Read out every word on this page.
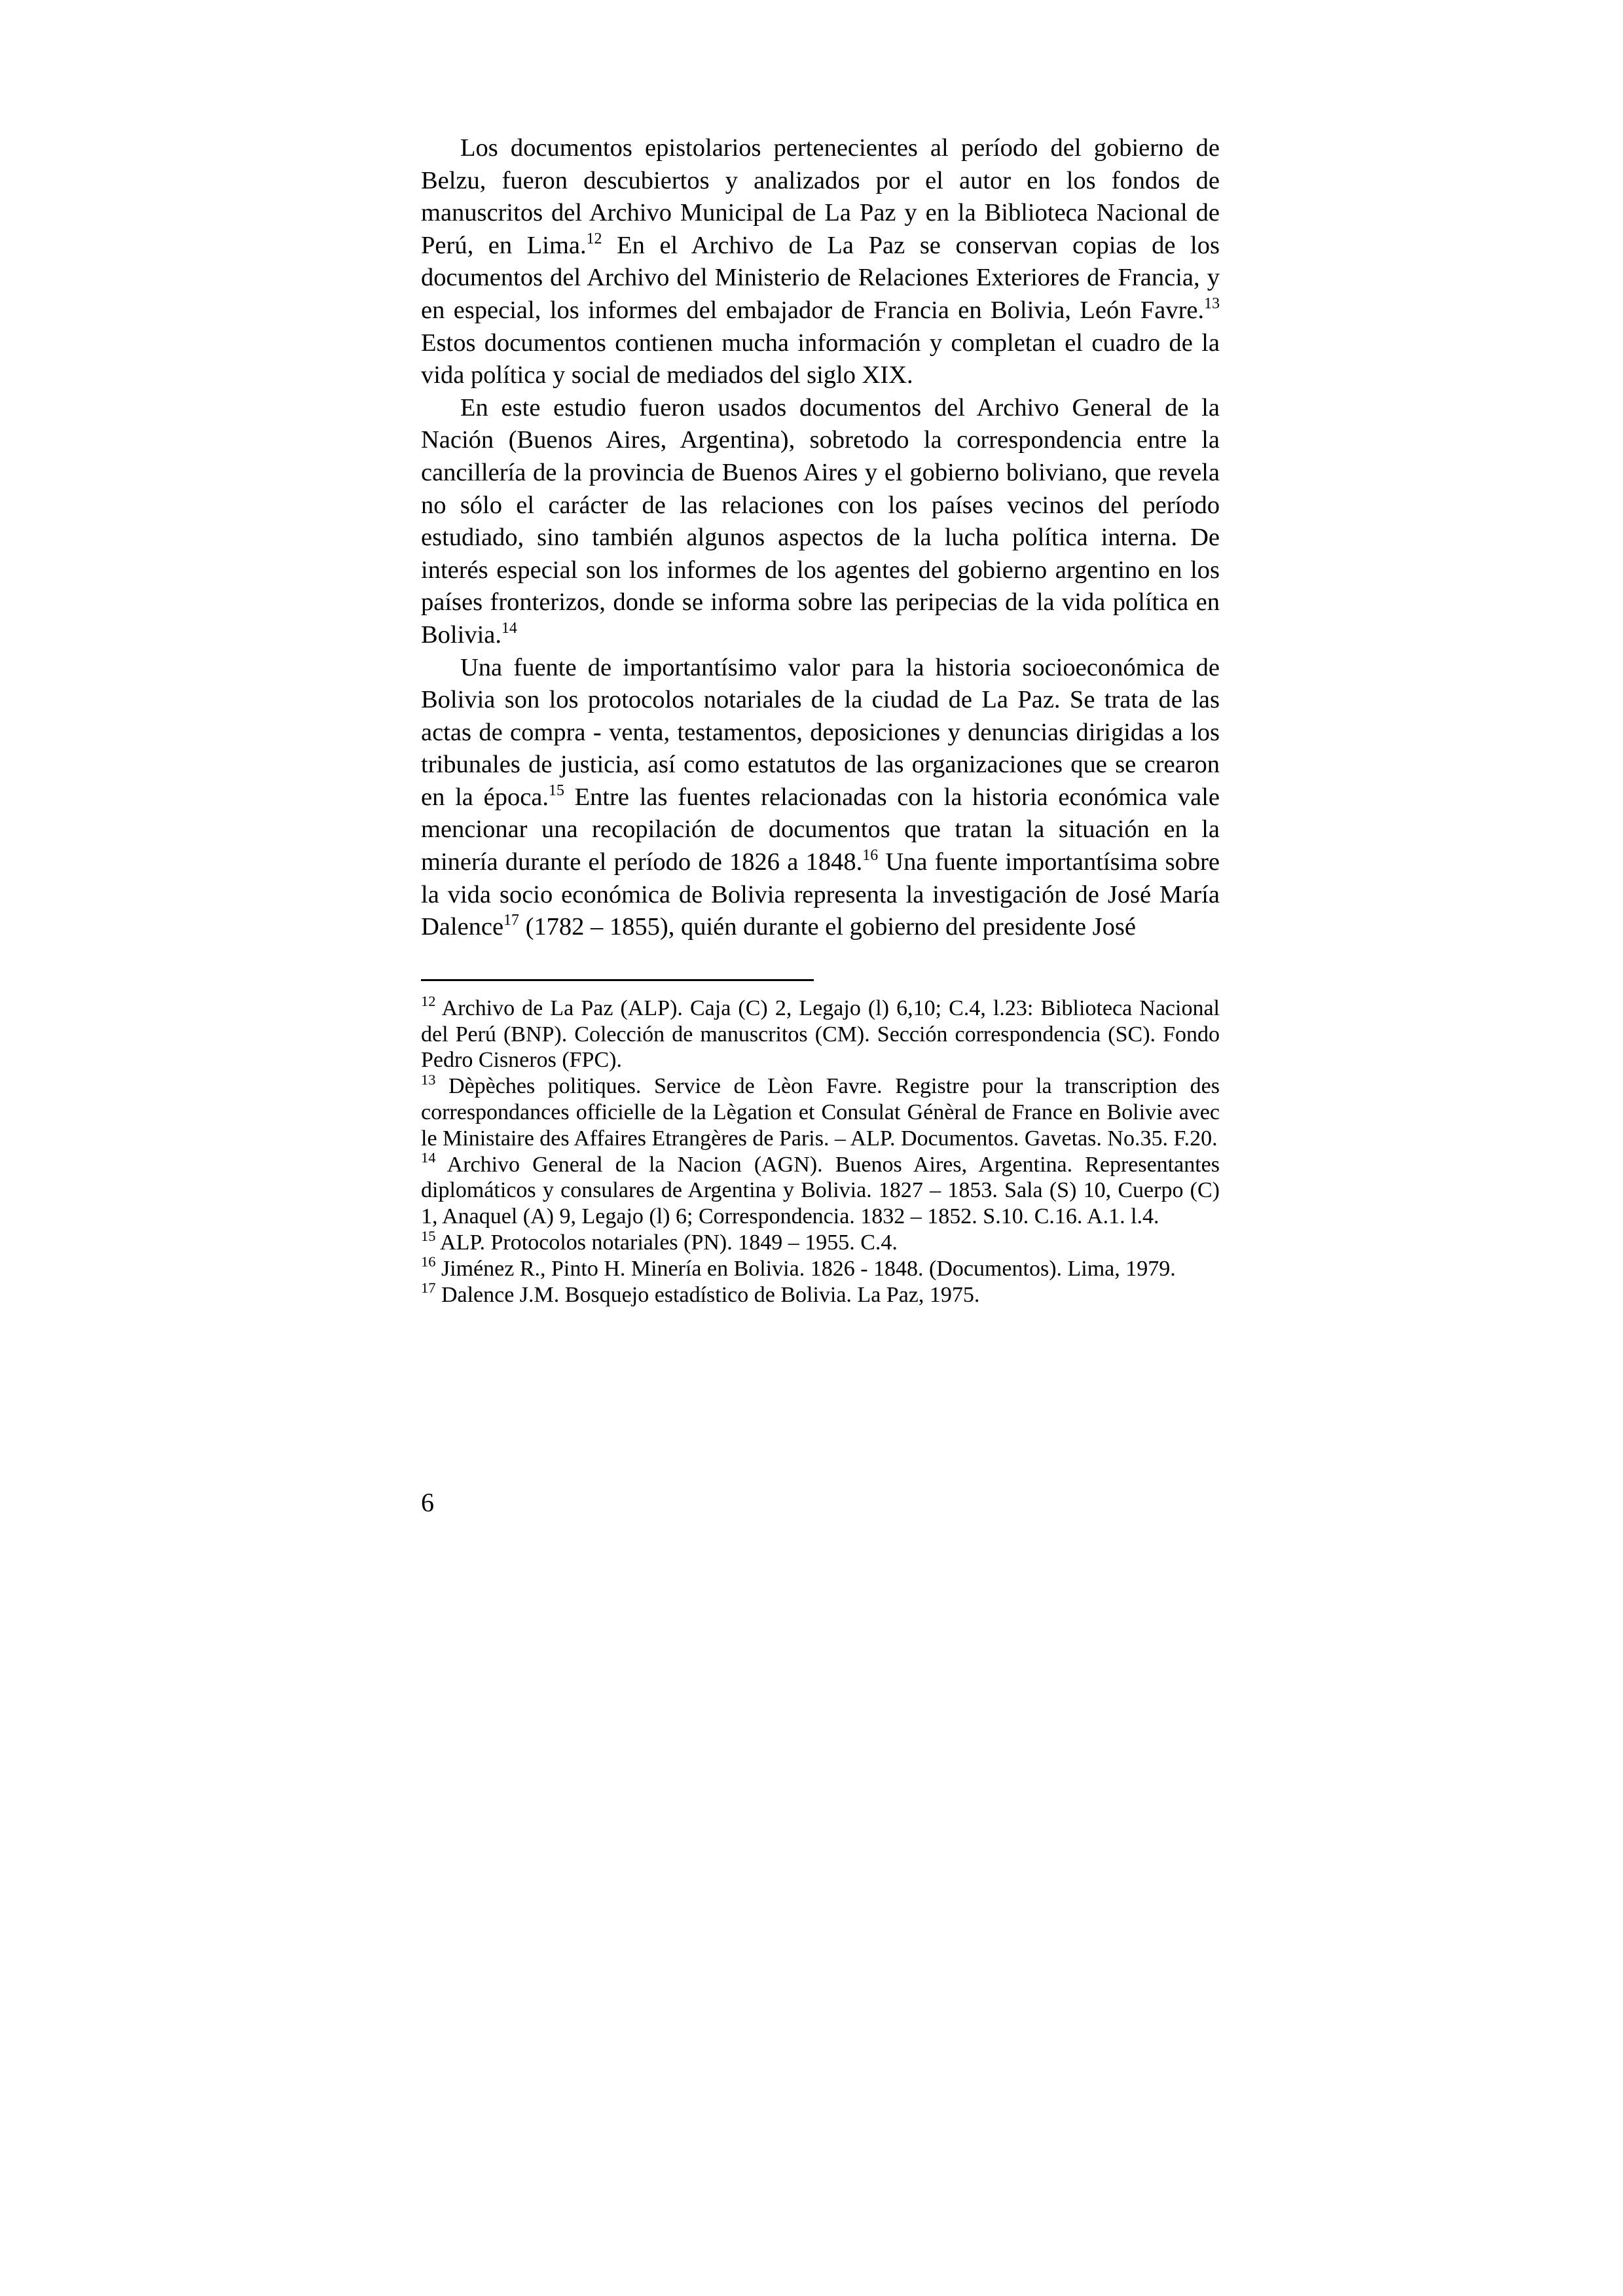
Los documentos epistolarios pertenecientes al período del gobierno de Belzu, fueron descubiertos y analizados por el autor en los fondos de manuscritos del Archivo Municipal de La Paz y en la Biblioteca Nacional de Perú, en Lima.$^{12}$ En el Archivo de La Paz se conservan copias de los documentos del Archivo del Ministerio de Relaciones Exteriores de Francia, y en especial, los informes del embajador de Francia en Bolivia, León Favre.$^{13}$ Estos documentos contienen mucha información y completan el cuadro de la vida política y social de mediados del siglo XIX.

En este estudio fueron usados documentos del Archivo General de la Nación (Buenos Aires, Argentina), sobretodo la correspondencia entre la cancillería de la provincia de Buenos Aires y el gobierno boliviano, que revela no sólo el carácter de las relaciones con los países vecinos del período estudiado, sino también algunos aspectos de la lucha política interna. De interés especial son los informes de los agentes del gobierno argentino en los países fronterizos, donde se informa sobre las peripecias de la vida política en Bolivia.$^{14}$

Una fuente de importantísimo valor para la historia socioeconómica de Bolivia son los protocolos notariales de la ciudad de La Paz. Se trata de las actas de compra - venta, testamentos, deposiciones y denuncias dirigidas a los tribunales de justicia, así como estatutos de las organizaciones que se crearon en la época.$^{15}$ Entre las fuentes relacionadas con la historia económica vale mencionar una recopilación de documentos que tratan la situación en la minería durante el período de 1826 a 1848.16 Una fuente importantísima sobre la vida socio económica de Bolivia representa la investigación de José María Dalence$^{17}$ (1782 – 1855), quién durante el gobierno del presidente José

$^{12}$ Archivo de La Paz (ALP). Caja (C) 2, Legajo (l) 6,10; C.4, l.23: Biblioteca Nacional del Perú (BNP). Colección de manuscritos (CM). Sección correspondencia (SC). Fondo Pedro Cisneros (FPC).

$^{13}$ Dèpèches politiques. Service de Lèon Favre. Registre pour la transcription des correspondances officielle de la Lègation et Consulat Génèral de France en Bolivie avec le Ministaire des Affaires Etrangères de Paris. – ALP. Documentos. Gavetas. No.35. F.20.

$^{14}$ Archivo General de la Nacion (AGN). Buenos Aires, Argentina. Representantes diplomáticos y consulares de Argentina y Bolivia. 1827 – 1853. Sala (S) 10, Cuerpo (C) 1, Anaquel (A) 9, Legajo (l) 6; Correspondencia. 1832 – 1852. S.10. C.16. A.1. l.4.

$^{15}$ ALP. Protocolos notariales (PN). 1849 – 1955. C.4.

$^{16}$ Jiménez R., Pinto H. Minería en Bolivia. 1826 - 1848. (Documentos). Lima, 1979.

$^{17}$ Dalence J.M. Bosquejo estadístico de Bolivia. La Paz, 1975.

6
